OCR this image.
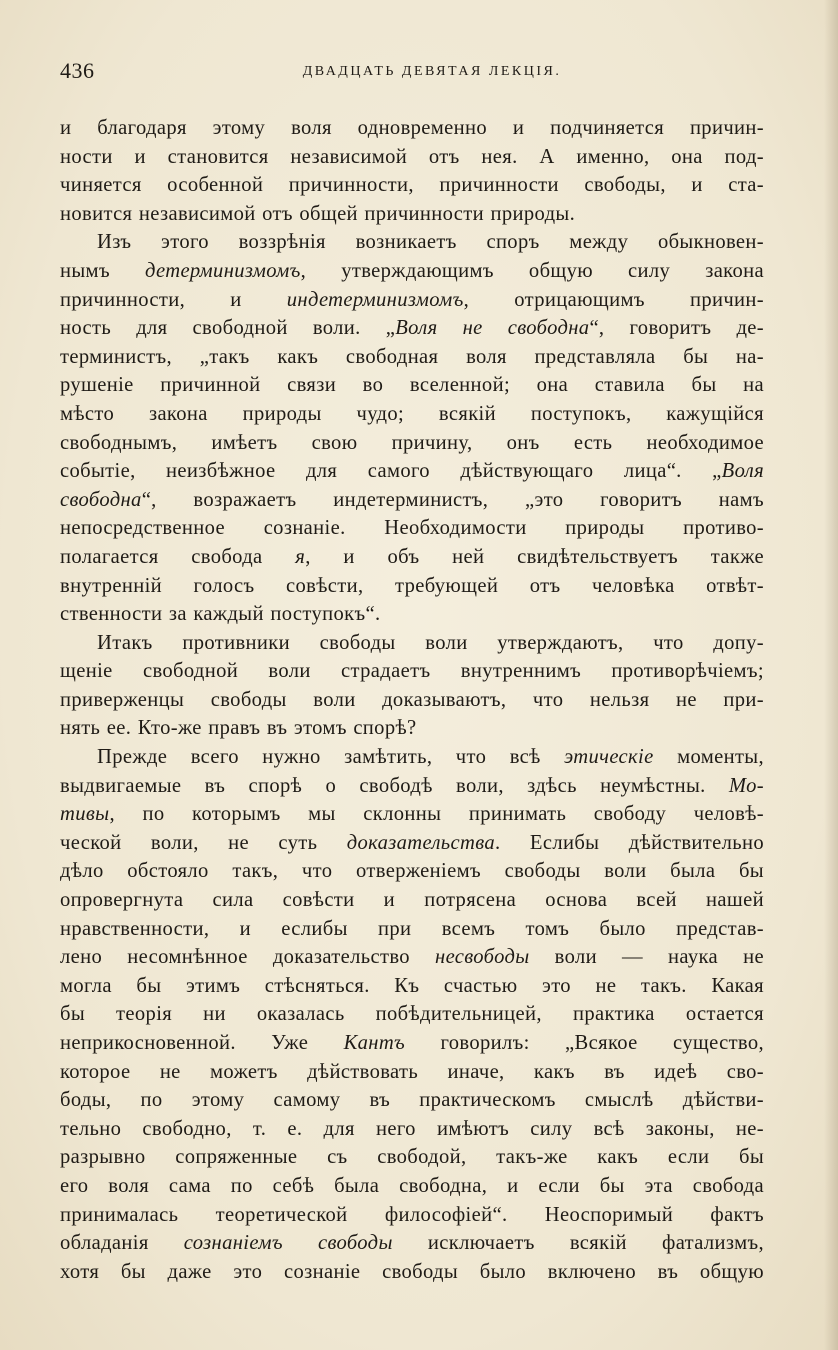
436	ДВАДЦАТЬ ДЕВЯТАЯ ЛЕКЦІЯ.
и благодаря этому воля одновременно и подчиняется причин-
ности и становится независимой отъ нея. А именно, она под-
чиняется особенной причинности, причинности свободы, и ста-
новится независимой отъ общей причинности природы.
Изъ этого воззрѣнія возникаетъ споръ между обыкновен-
нымъ детерминизмомъ, утверждающимъ общую силу закона
причинности, и индетерминизмомъ, отрицающимъ причин-
ность для свободной воли. „Воля не свободна“, говоритъ де-
терминистъ, „такъ какъ свободная воля представляла бы на-
рушеніе причинной связи во вселенной; она ставила бы на
мѣсто закона природы чудо; всякій поступокъ, кажущійся
свободнымъ, имѣетъ свою причину, онъ есть необходимое
событіе, неизбѣжное для самого дѣйствующаго лица“. „Воля
свободна“, возражаетъ индетерминистъ, „это говоритъ намъ
непосредственное сознаніе. Необходимости природы противо-
полагается свобода я, и объ ней свидѣтельствуетъ также
внутренній голосъ совѣсти, требующей отъ человѣка отвѣт-
ственности за каждый поступокъ“.
Итакъ противники свободы воли утверждаютъ, что допу-
щеніе свободной воли страдаетъ внутреннимъ противорѣчіемъ;
приверженцы свободы воли доказываютъ, что нельзя не при-
нять ее. Кто-же правъ въ этомъ спорѣ?
Прежде всего нужно замѣтить, что всѣ этическіе моменты,
выдвигаемые въ спорѣ о свободѣ воли, здѣсь неумѣстны. Мо-
тивы, по которымъ мы склонны принимать свободу человѣ-
ческой воли, не суть доказательства. Еслибы дѣйствительно
дѣло обстояло такъ, что отверженіемъ свободы воли была бы
опровергнута сила совѣсти и потрясена основа всей нашей
нравственности, и еслибы при всемъ томъ было представ-
лено несомнѣнное доказательство несвободы воли — наука не
могла бы этимъ стѣсняться. Къ счастью это не такъ. Какая
бы теорія ни оказалась побѣдительницей, практика остается
неприкосновенной. Уже Кантъ говорилъ: „Всякое существо,
которое не можетъ дѣйствовать иначе, какъ въ идеѣ сво-
боды, по этому самому въ практическомъ смыслѣ дѣйстви-
тельно свободно, т. е. для него имѣютъ силу всѣ законы, не-
разрывно сопряженные съ свободой, такъ-же какъ если бы
его воля сама по себѣ была свободна, и если бы эта свобода
принималась теоретической философіей“. Неоспоримый фактъ
обладанія сознаніемъ свободы исключаетъ всякій фатализмъ,
хотя бы даже это сознаніе свободы было включено въ общую
